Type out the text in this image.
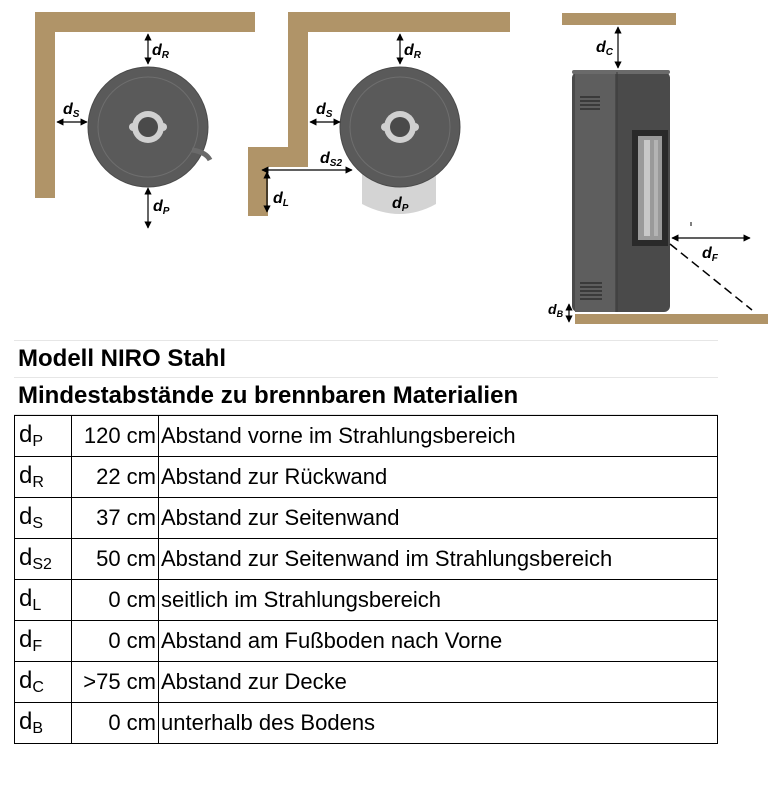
dR
dS
dP
dR
dS
dS2
dL	dP
dC
dF
$d_B$
Modell NIRO Stahl
Mindestabstände zu brennbaren Materialien
$d_P$	120 cm	Abstand vorne im Strahlungsbereich
$d_R$	22 cm	Abstand zur Rückwand
$d_S$	37 cm	Abstand zur Seitenwand
$d_{S2}$	50 cm	Abstand zur Seitenwand im Strahlungsbereich
$d_L$	0 cm	seitlich im Strahlungsbereich
$d_F$	0 cm	Abstand am Fußboden nach Vorne
$d_C$	>75 cm	Abstand zur Decke
$d_B$	0 cm	unterhalb des Bodens
